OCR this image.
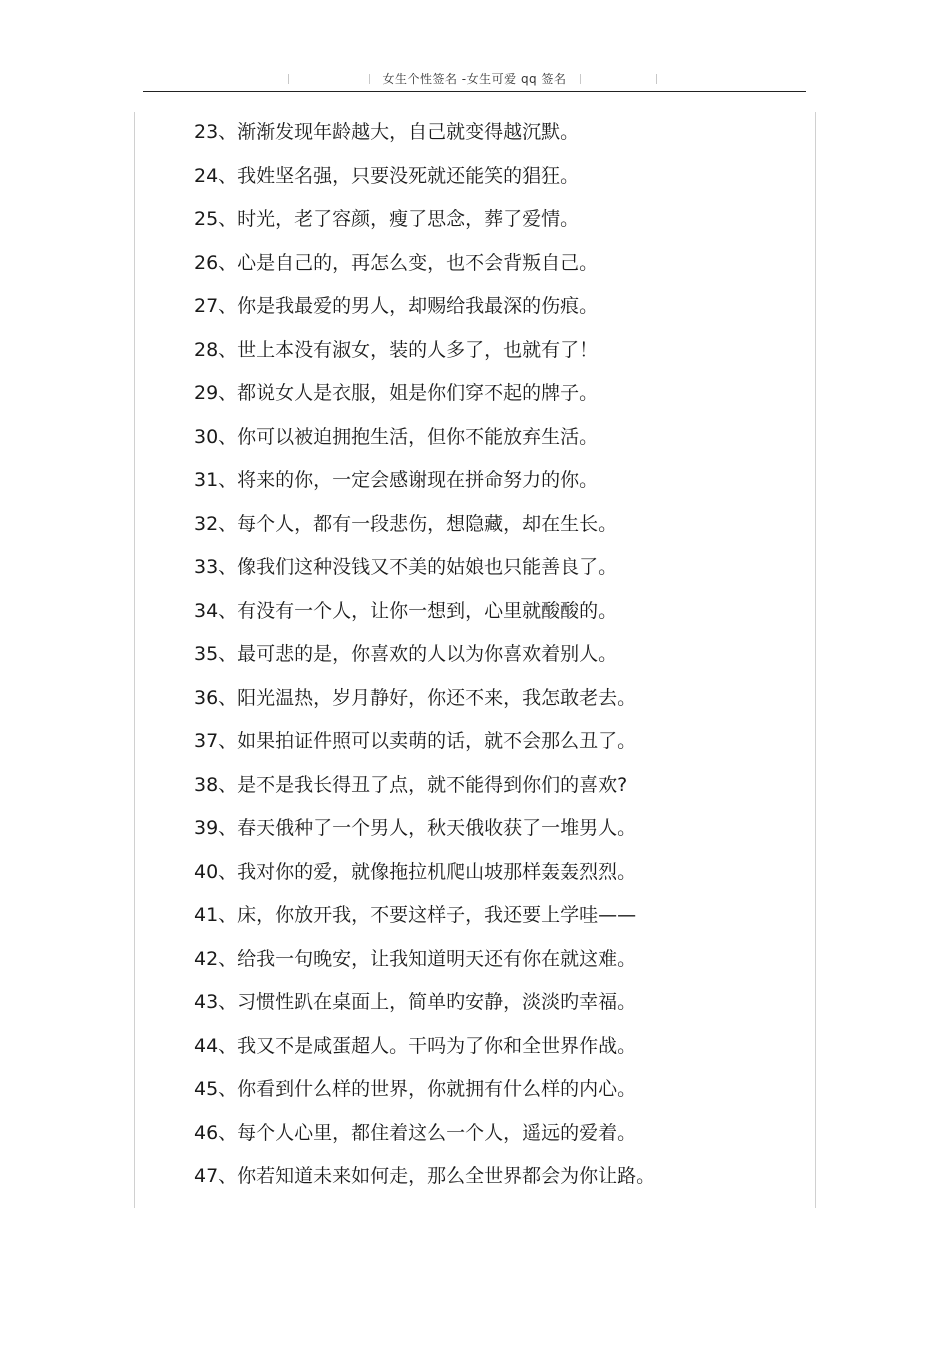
女生个性签名 -女生可爱 qq 签名
23、渐渐发现年龄越大，自己就变得越沉默。
24、我姓坚名强，只要没死就还能笑的猖狂。
25、时光，老了容颜，瘦了思念，葬了爱情。
26、心是自己的，再怎么变，也不会背叛自己。
27、你是我最爱的男人，却赐给我最深的伤痕。
28、世上本没有淑女，装的人多了，也就有了！
29、都说女人是衣服，姐是你们穿不起的牌子。
30、你可以被迫拥抱生活，但你不能放弃生活。
31、将来的你，一定会感谢现在拼命努力的你。
32、每个人，都有一段悲伤，想隐藏，却在生长。
33、像我们这种没钱又不美的姑娘也只能善良了。
34、有没有一个人，让你一想到，心里就酸酸的。
35、最可悲的是，你喜欢的人以为你喜欢着别人。
36、阳光温热，岁月静好，你还不来，我怎敢老去。
37、如果拍证件照可以卖萌的话，就不会那么丑了。
38、是不是我长得丑了点，就不能得到你们的喜欢?
39、春天俄种了一个男人，秋天俄收获了一堆男人。
40、我对你的爱，就像拖拉机爬山坡那样轰轰烈烈。
41、床，你放开我，不要这样子，我还要上学哇——
42、给我一句晚安，让我知道明天还有你在就这难。
43、习惯性趴在桌面上，简单旳安静，淡淡旳幸福。
44、我又不是咸蛋超人。干吗为了你和全世界作战。
45、你看到什么样的世界，你就拥有什么样的内心。
46、每个人心里，都住着这么一个人，遥远的爱着。
47、你若知道未来如何走，那么全世界都会为你让路。
